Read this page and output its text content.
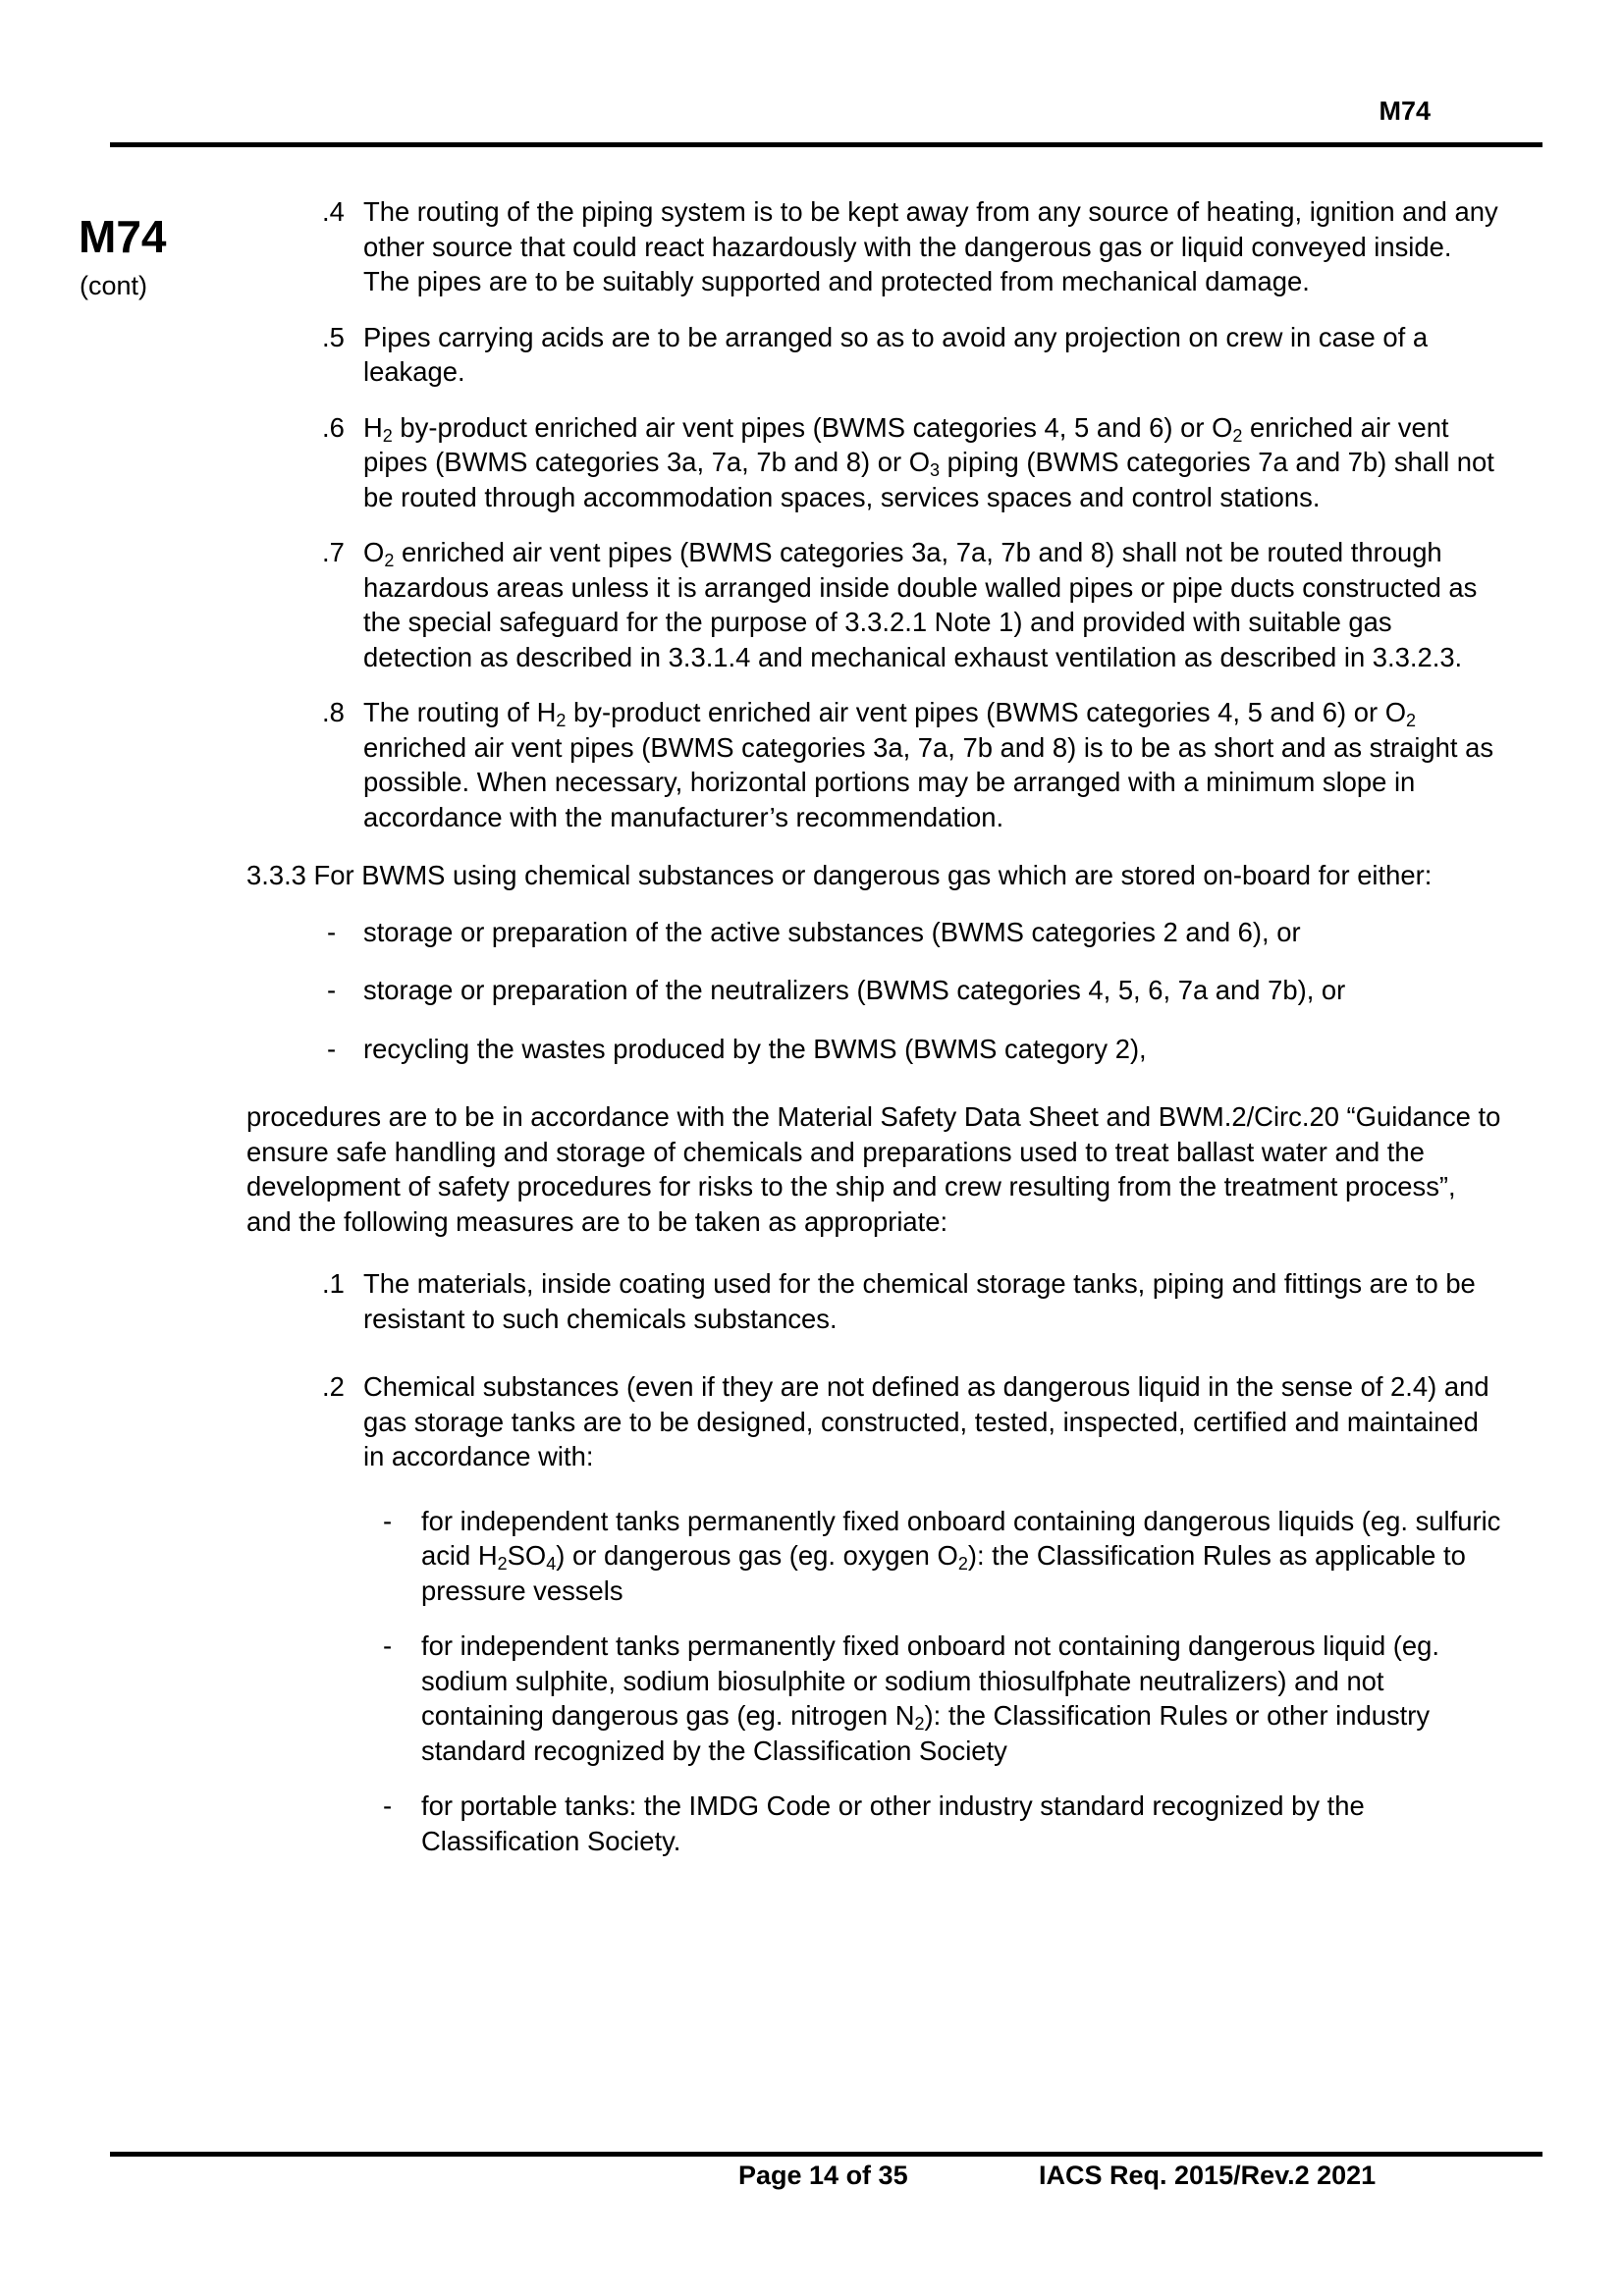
M74
M74
(cont)
.4 The routing of the piping system is to be kept away from any source of heating, ignition and any other source that could react hazardously with the dangerous gas or liquid conveyed inside. The pipes are to be suitably supported and protected from mechanical damage.
.5 Pipes carrying acids are to be arranged so as to avoid any projection on crew in case of a leakage.
.6 $H_2$ by-product enriched air vent pipes (BWMS categories 4, 5 and 6) or $O_2$ enriched air vent pipes (BWMS categories 3a, 7a, 7b and 8) or $O_3$ piping (BWMS categories 7a and 7b) shall not be routed through accommodation spaces, services spaces and control stations.
.7 $O_2$ enriched air vent pipes (BWMS categories 3a, 7a, 7b and 8) shall not be routed through hazardous areas unless it is arranged inside double walled pipes or pipe ducts constructed as the special safeguard for the purpose of 3.3.2.1 Note 1) and provided with suitable gas detection as described in 3.3.1.4 and mechanical exhaust ventilation as described in 3.3.2.3.
.8 The routing of $H_2$ by-product enriched air vent pipes (BWMS categories 4, 5 and 6) or $O_2$ enriched air vent pipes (BWMS categories 3a, 7a, 7b and 8) is to be as short and as straight as possible. When necessary, horizontal portions may be arranged with a minimum slope in accordance with the manufacturer’s recommendation.

3.3.3 For BWMS using chemical substances or dangerous gas which are stored on-board for either:

- storage or preparation of the active substances (BWMS categories 2 and 6), or
- storage or preparation of the neutralizers (BWMS categories 4, 5, 6, 7a and 7b), or
- recycling the wastes produced by the BWMS (BWMS category 2),

procedures are to be in accordance with the Material Safety Data Sheet and BWM.2/Circ.20 “Guidance to ensure safe handling and storage of chemicals and preparations used to treat ballast water and the development of safety procedures for risks to the ship and crew resulting from the treatment process”, and the following measures are to be taken as appropriate:

.1 The materials, inside coating used for the chemical storage tanks, piping and fittings are to be resistant to such chemicals substances.
.2 Chemical substances (even if they are not defined as dangerous liquid in the sense of 2.4) and gas storage tanks are to be designed, constructed, tested, inspected, certified and maintained in accordance with:
- for independent tanks permanently fixed onboard containing dangerous liquids (eg. sulfuric acid $H_2SO_4$) or dangerous gas (eg. oxygen $O_2$): the Classification Rules as applicable to pressure vessels
- for independent tanks permanently fixed onboard not containing dangerous liquid (eg. sodium sulphite, sodium biosulphite or sodium thiosulfphate neutralizers) and not containing dangerous gas (eg. nitrogen $N_2$): the Classification Rules or other industry standard recognized by the Classification Society
- for portable tanks: the IMDG Code or other industry standard recognized by the Classification Society.
Page 14 of 35	IACS Req. 2015/Rev.2 2021
